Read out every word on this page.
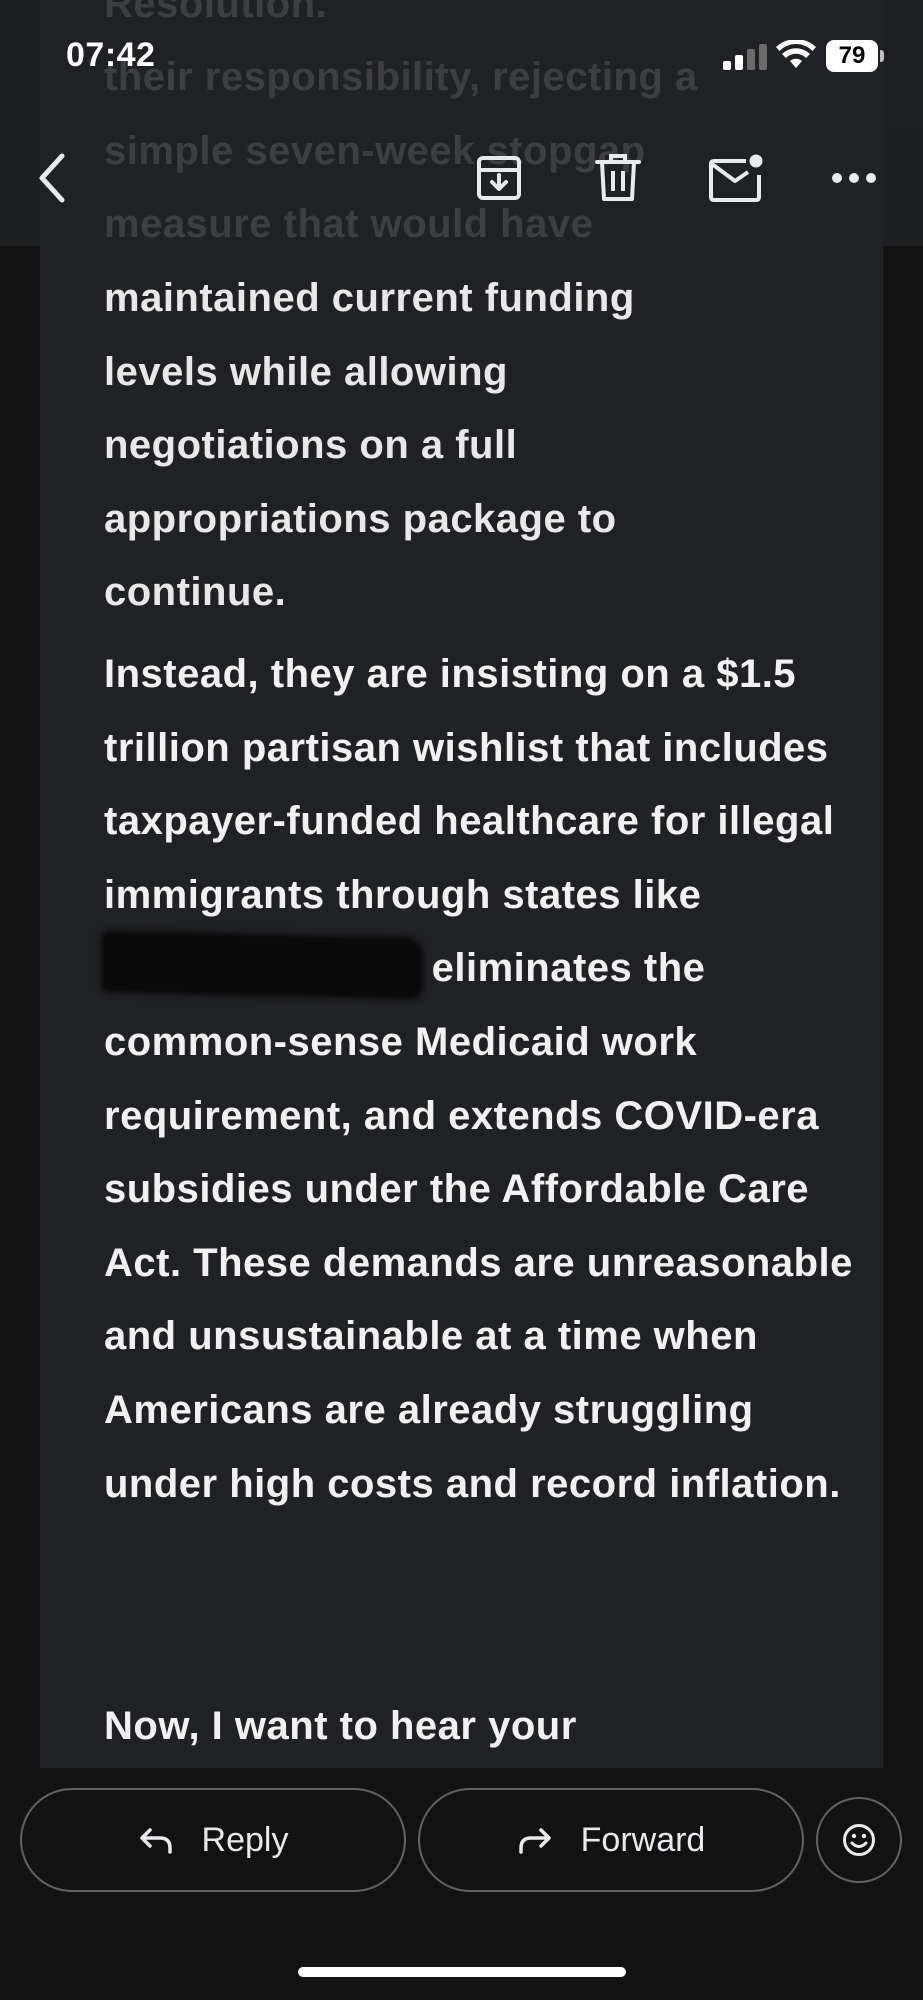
maintained current funding
levels while allowing
negotiations on a full
appropriations package to
continue.

Instead, they are insisting on a $1.5 trillion partisan wishlist that includes taxpayer-funded healthcare for illegal immigrants through states like  eliminates the common-sense Medicaid work requirement, and extends COVID-era subsidies under the Affordable Care Act. These demands are unreasonable and unsustainable at a time when Americans are already struggling under high costs and record inflation.

Now, I want to hear your

07:42	79
Reply	Forward
